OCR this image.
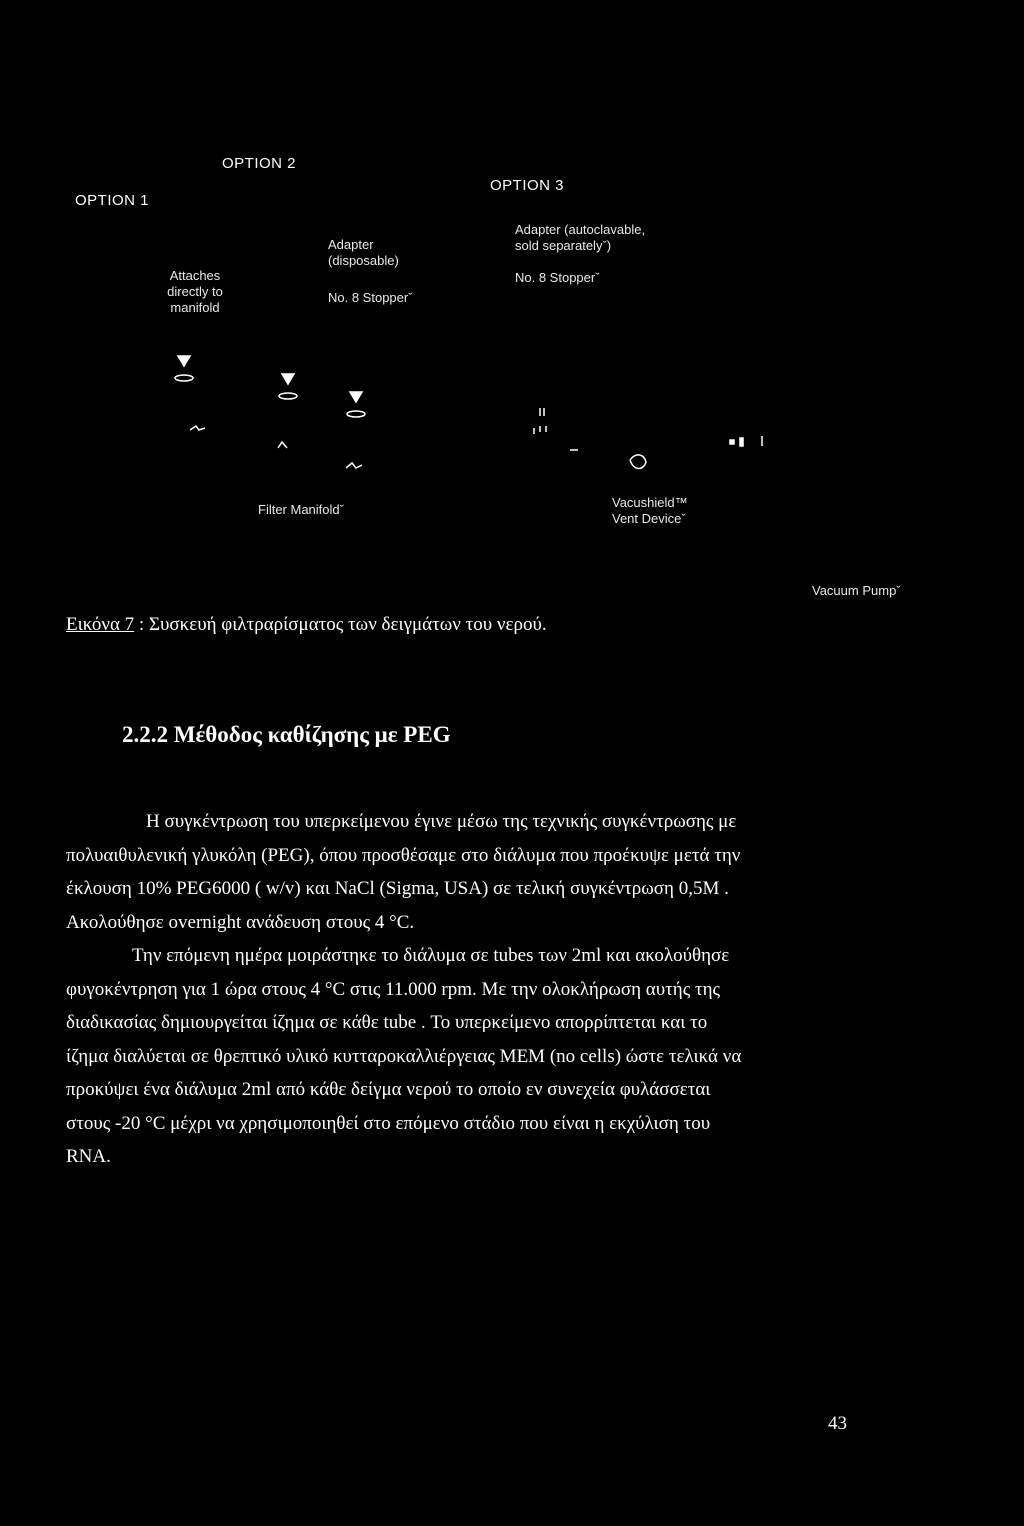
OPTION 1
OPTION 2
OPTION 3
Attaches
directly to
manifold
Adapter
(disposable)
No. 8 Stopperˇ
Adapter (autoclavable,
sold separatelyˇ)
No. 8 Stopperˇ
Filter Manifoldˇ	Vacushield™
Vent Deviceˇ
Vacuum Pumpˇ
Εικόνα 7 : Συσκευή φιλτραρίσματος των δειγμάτων του νερού.
2.2.2 Μέθοδος καθίζησης με PEG
Η συγκέντρωση του υπερκείμενου έγινε μέσω της τεχνικής συγκέντρωσης με
πολυαιθυλενική γλυκόλη (PEG), όπου προσθέσαμε στο διάλυμα που προέκυψε μετά την
έκλουση 10% PEG6000 ( w/v) και NaCl (Sigma, USA) σε τελική συγκέντρωση 0,5Μ .
Ακολούθησε overnight ανάδευση στους 4 °C.
Την επόμενη ημέρα μοιράστηκε το διάλυμα σε tubes των 2ml και ακολούθησε
φυγοκέντρηση για 1 ώρα στους 4 °C στις 11.000 rpm. Με την ολοκλήρωση αυτής της
διαδικασίας δημιουργείται ίζημα σε κάθε tube . Το υπερκείμενο απορρίπτεται και το
ίζημα διαλύεται σε θρεπτικό υλικό κυτταροκαλλιέργειας ΜΕΜ (no cells) ώστε τελικά να
προκύψει ένα διάλυμα 2ml από κάθε δείγμα νερού το οποίο εν συνεχεία φυλάσσεται
στους -20 °C μέχρι να χρησιμοποιηθεί στο επόμενο στάδιο που είναι η εκχύλιση του
RNA.
43
